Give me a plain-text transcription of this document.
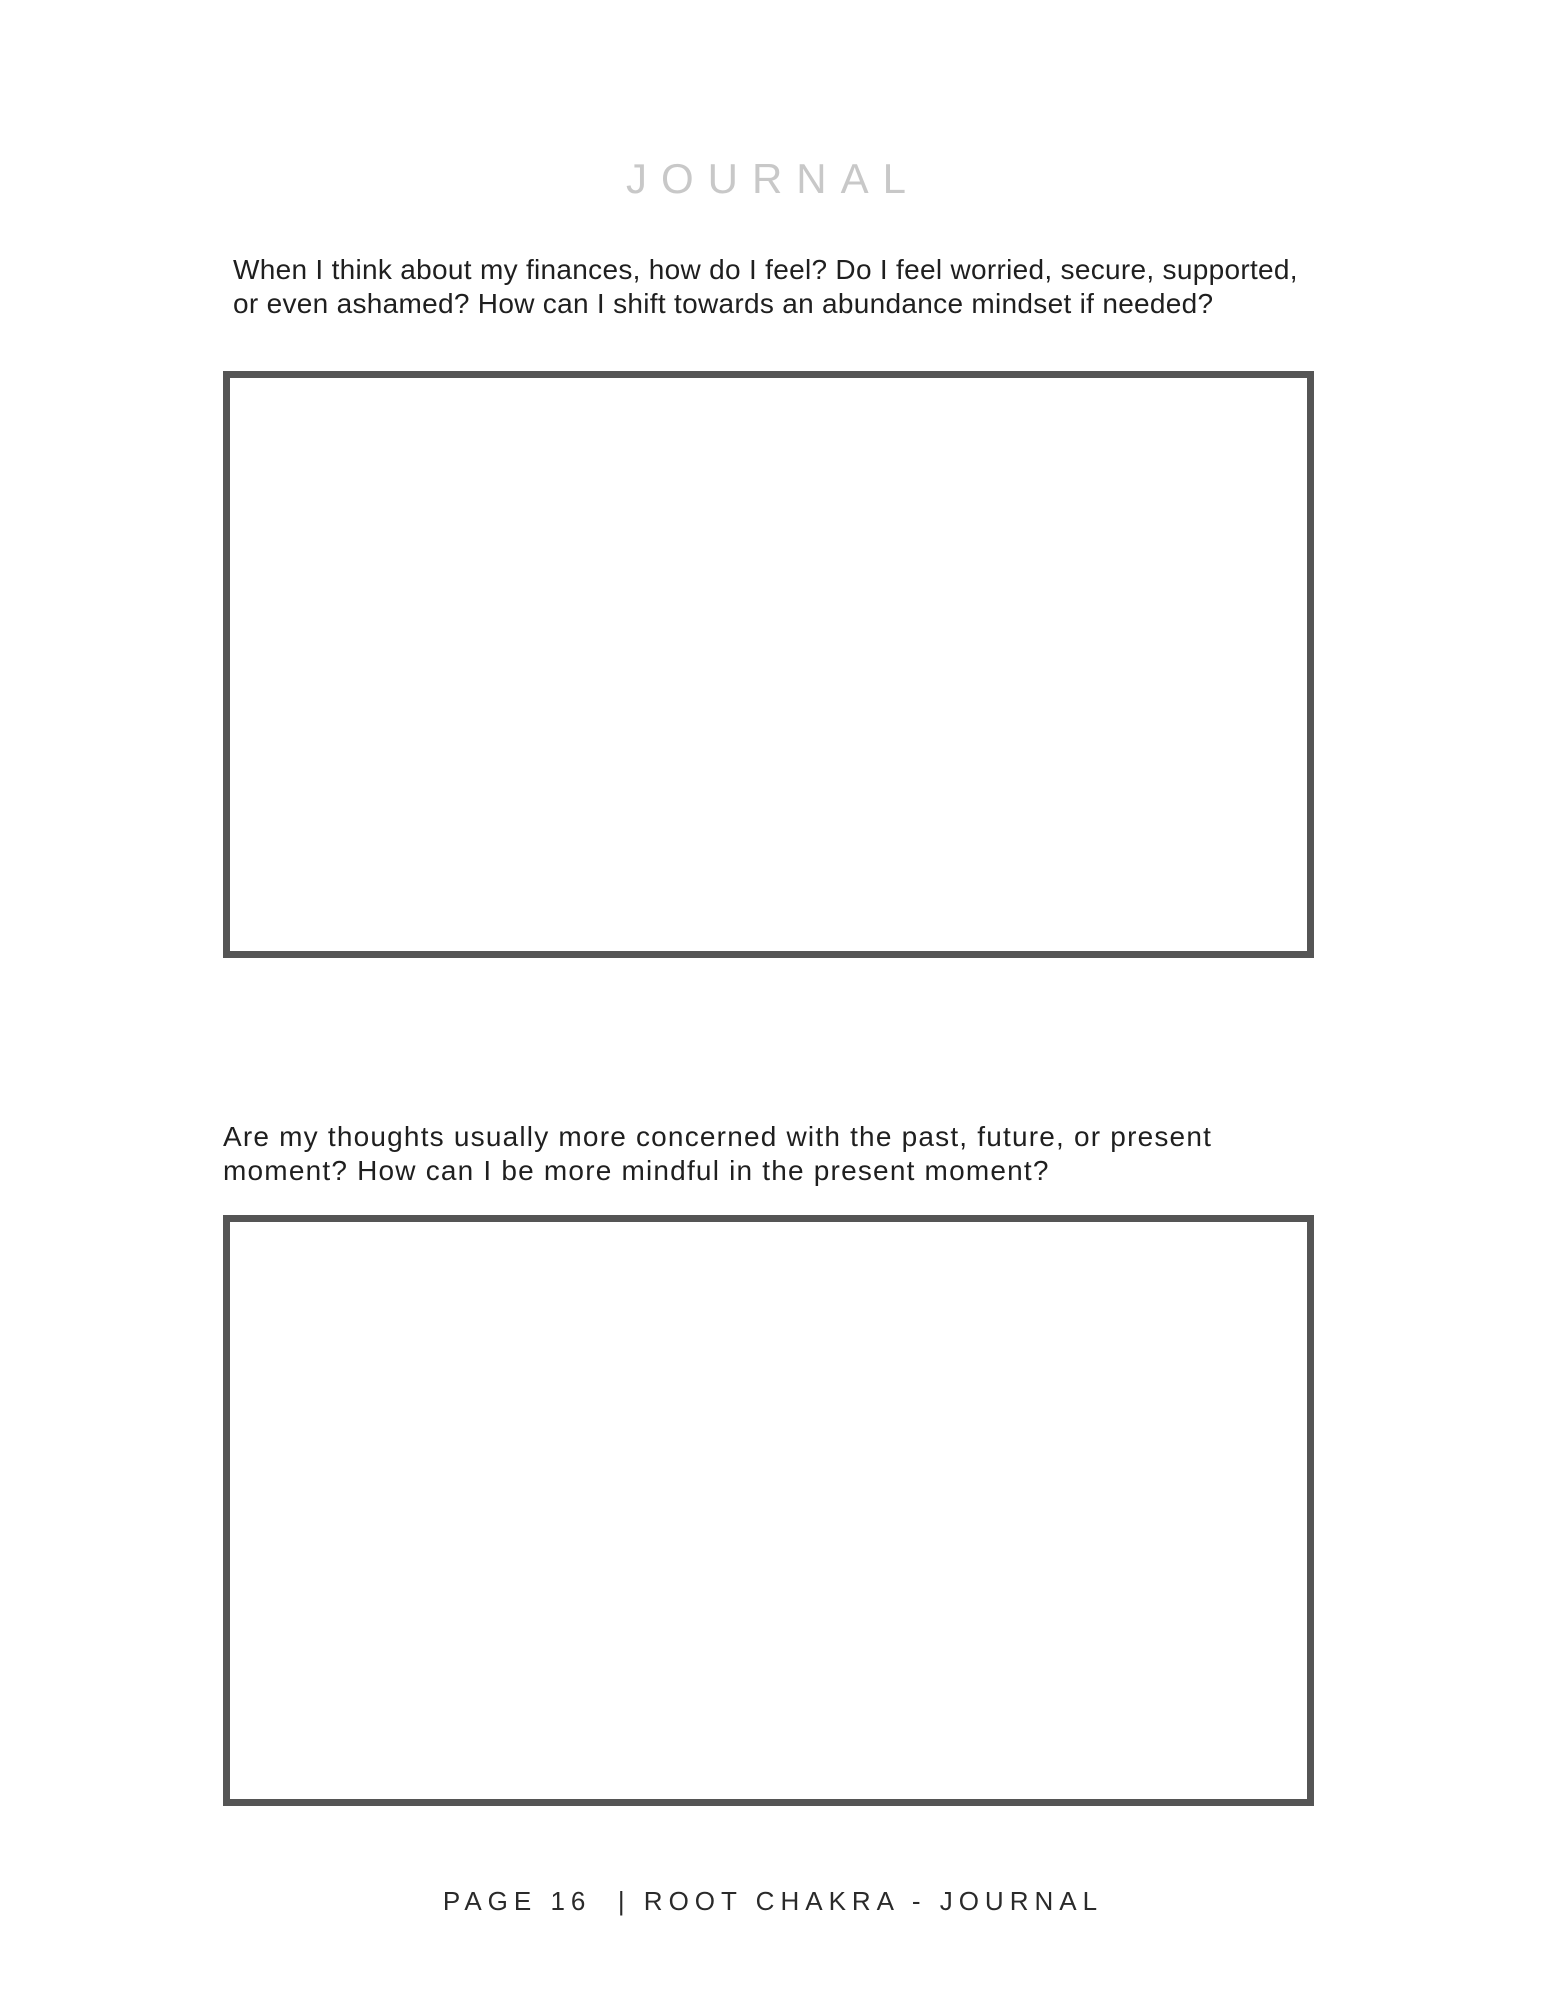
JOURNAL

When I think about my finances, how do I feel? Do I feel worried, secure, supported, or even ashamed? How can I shift towards an abundance mindset if needed?

Are my thoughts usually more concerned with the past, future, or present moment? How can I be more mindful in the present moment?

PAGE 16  | ROOT CHAKRA - JOURNAL
